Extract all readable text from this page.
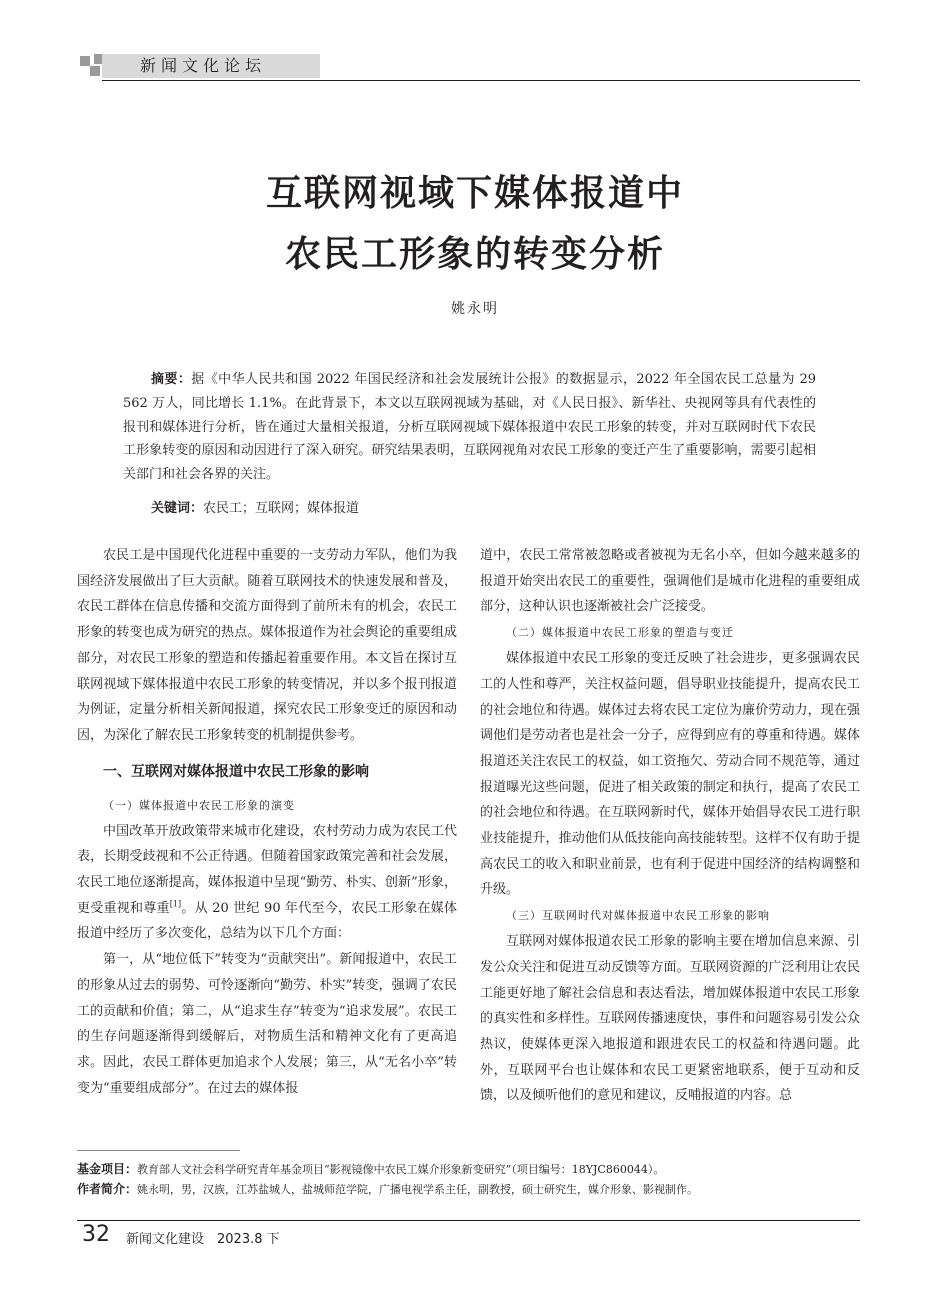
新闻文化论坛
互联网视域下媒体报道中
农民工形象的转变分析
姚永明

摘要：据《中华人民共和国 2022 年国民经济和社会发展统计公报》的数据显示，2022 年全国农民工总量为 29 562 万人，同比增长 1.1%。在此背景下，本文以互联网视域为基础，对《人民日报》、新华社、央视网等具有代表性的报刊和媒体进行分析，皆在通过大量相关报道，分析互联网视域下媒体报道中农民工形象的转变，并对互联网时代下农民工形象转变的原因和动因进行了深入研究。研究结果表明，互联网视角对农民工形象的变迁产生了重要影响，需要引起相关部门和社会各界的关注。

关键词：农民工；互联网；媒体报道

农民工是中国现代化进程中重要的一支劳动力军队，他们为我国经济发展做出了巨大贡献。随着互联网技术的快速发展和普及，农民工群体在信息传播和交流方面得到了前所未有的机会，农民工形象的转变也成为研究的热点。媒体报道作为社会舆论的重要组成部分，对农民工形象的塑造和传播起着重要作用。本文旨在探讨互联网视域下媒体报道中农民工形象的转变情况，并以多个报刊报道为例证，定量分析相关新闻报道，探究农民工形象变迁的原因和动因，为深化了解农民工形象转变的机制提供参考。

一、互联网对媒体报道中农民工形象的影响
（一）媒体报道中农民工形象的演变

中国改革开放政策带来城市化建设，农村劳动力成为农民工代表，长期受歧视和不公正待遇。但随着国家政策完善和社会发展，农民工地位逐渐提高，媒体报道中呈现“勤劳、朴实、创新”形象，更受重视和尊重[1]。从 20 世纪 90 年代至今，农民工形象在媒体报道中经历了多次变化，总结为以下几个方面：

第一，从“地位低下”转变为“贡献突出”。新闻报道中，农民工的形象从过去的弱势、可怜逐渐向“勤劳、朴实”转变，强调了农民工的贡献和价值；第二，从“追求生存”转变为“追求发展”。农民工的生存问题逐渐得到缓解后，对物质生活和精神文化有了更高追求。因此，农民工群体更加追求个人发展；第三，从“无名小卒”转变为“重要组成部分”。在过去的媒体报

道中，农民工常常被忽略或者被视为无名小卒，但如今越来越多的报道开始突出农民工的重要性，强调他们是城市化进程的重要组成部分，这种认识也逐渐被社会广泛接受。

（二）媒体报道中农民工形象的塑造与变迁

媒体报道中农民工形象的变迁反映了社会进步，更多强调农民工的人性和尊严，关注权益问题，倡导职业技能提升，提高农民工的社会地位和待遇。媒体过去将农民工定位为廉价劳动力，现在强调他们是劳动者也是社会一分子，应得到应有的尊重和待遇。媒体报道还关注农民工的权益，如工资拖欠、劳动合同不规范等，通过报道曝光这些问题，促进了相关政策的制定和执行，提高了农民工的社会地位和待遇。在互联网新时代，媒体开始倡导农民工进行职业技能提升，推动他们从低技能向高技能转型。这样不仅有助于提高农民工的收入和职业前景，也有利于促进中国经济的结构调整和升级。

（三）互联网时代对媒体报道中农民工形象的影响

互联网对媒体报道农民工形象的影响主要在增加信息来源、引发公众关注和促进互动反馈等方面。互联网资源的广泛利用让农民工能更好地了解社会信息和表达看法，增加媒体报道中农民工形象的真实性和多样性。互联网传播速度快，事件和问题容易引发公众热议，使媒体更深入地报道和跟进农民工的权益和待遇问题。此外，互联网平台也让媒体和农民工更紧密地联系，便于互动和反馈，以及倾听他们的意见和建议，反哺报道的内容。总

基金项目：教育部人文社会科学研究青年基金项目“影视镜像中农民工媒介形象新变研究”（项目编号：18YJC860044）。
作者简介：姚永明，男，汉族，江苏盐城人，盐城师范学院，广播电视学系主任，副教授，硕士研究生，媒介形象、影视制作。
32 新闻文化建设　2023.8 下
